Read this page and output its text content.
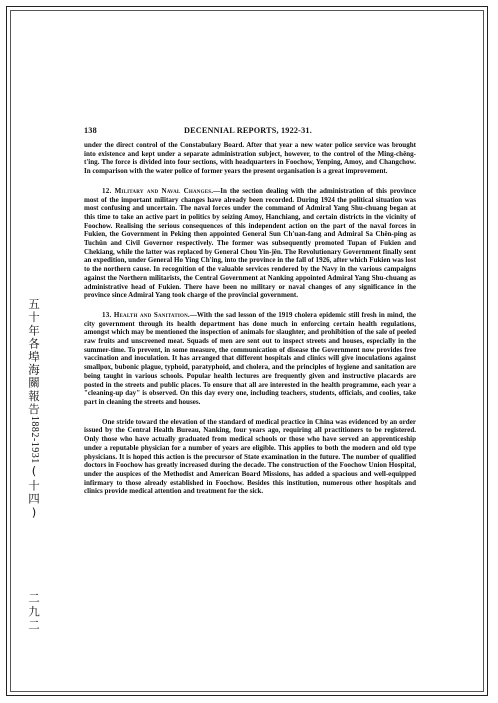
138	DECENNIAL REPORTS, 1922-31.

under the direct control of the Constabulary Board. After that year a new water police service was brought into existence and kept under a separate administration subject, however, to the control of the Ming-chêng-t'ing. The force is divided into four sections, with headquarters in Foochow, Yenping, Amoy, and Changchow. In comparison with the water police of former years the present organisation is a great improvement.

12. Military and Naval Changes.—In the section dealing with the administration of this province most of the important military changes have already been recorded. During 1924 the political situation was most confusing and uncertain. The naval forces under the command of Admiral Yang Shu-chuang began at this time to take an active part in politics by seizing Amoy, Hanchiang, and certain districts in the vicinity of Foochow. Realising the serious consequences of this independent action on the part of the naval forces in Fukien, the Government in Peking then appointed General Sun Ch'uan-fang and Admiral Sa Chên-ping as Tuchün and Civil Governor respectively. The former was subsequently promoted Tupan of Fukien and Chekiang, while the latter was replaced by General Chou Yin-jên. The Revolutionary Government finally sent an expedition, under General Ho Ying Ch'ing, into the province in the fall of 1926, after which Fukien was lost to the northern cause. In recognition of the valuable services rendered by the Navy in the various campaigns against the Northern militarists, the Central Government at Nanking appointed Admiral Yang Shu-chuang as administrative head of Fukien. There have been no military or naval changes of any significance in the province since Admiral Yang took charge of the provincial government.

13. Health and Sanitation.—With the sad lesson of the 1919 cholera epidemic still fresh in mind, the city government through its health department has done much in enforcing certain health regulations, amongst which may be mentioned the inspection of animals for slaughter, and prohibition of the sale of peeled raw fruits and unscreened meat. Squads of men are sent out to inspect streets and houses, especially in the summer-time. To prevent, in some measure, the communication of disease the Government now provides free vaccination and inoculation. It has arranged that different hospitals and clinics will give inoculations against smallpox, bubonic plague, typhoid, paratyphoid, and cholera, and the principles of hygiene and sanitation are being taught in various schools. Popular health lectures are frequently given and instructive placards are posted in the streets and public places. To ensure that all are interested in the health programme, each year a "cleaning-up day" is observed. On this day every one, including teachers, students, officials, and coolies, take part in cleaning the streets and houses.

One stride toward the elevation of the standard of medical practice in China was evidenced by an order issued by the Central Health Bureau, Nanking, four years ago, requiring all practitioners to be registered. Only those who have actually graduated from medical schools or those who have served an apprenticeship under a reputable physician for a number of years are eligible. This applies to both the modern and old type physicians. It is hoped this action is the precursor of State examination in the future. The number of qualified doctors in Foochow has greatly increased during the decade. The construction of the Foochow Union Hospital, under the auspices of the Methodist and American Board Missions, has added a spacious and well-equipped infirmary to those already established in Foochow. Besides this institution, numerous other hospitals and clinics provide medical attention and treatment for the sick.

五十年各埠海關報告1882-1931(十四)
二九二
